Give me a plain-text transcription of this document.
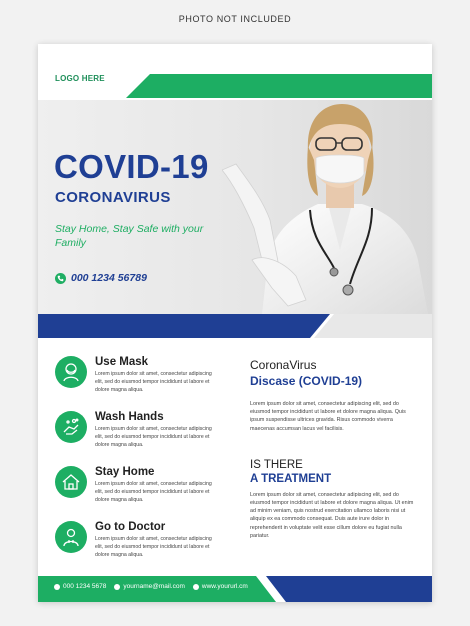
PHOTO NOT INCLUDED
LOGO HERE
COVID-19
CORONAVIRUS
Stay Home, Stay Safe with your Family
000 1234 56789
Use Mask
Lorem ipsum dolor sit amet, consectetur adipiscing elit, sed do eiusmod tempor incididunt ut labore et dolore magna aliqua.
Wash Hands
Lorem ipsum dolor sit amet, consectetur adipiscing elit, sed do eiusmod tempor incididunt ut labore et dolore magna aliqua.
Stay Home
Lorem ipsum dolor sit amet, consectetur adipiscing elit, sed do eiusmod tempor incididunt ut labore et dolore magna aliqua.
Go to Doctor
Lorem ipsum dolor sit amet, consectetur adipiscing elit, sed do eiusmod tempor incididunt ut labore et dolore magna aliqua.
CoronaVirus
Discase (COVID-19)
Lorem ipsum dolor sit amet, consectetur adipiscing elit, sed do eiusmod tempor incididunt ut labore et dolore magna aliqua. Quis ipsum suspendisse ultrices gravida. Risus commodo viverra maecenas accumsan lacus vel facilisis.
IS THERE
A TREATMENT
Lorem ipsum dolor sit amet, consectetur adipiscing elit, sed do eiusmod tempor incididunt ut labore et dolore magna aliqua. Ut enim ad minim veniam, quis nostrud exercitation ullamco laboris nisi ut aliquip ex ea commodo consequat. Duis aute irure dolor in reprehenderit in voluptate velit esse cillum dolore eu fugiat nulla pariatur.
000 1234 5678	yourname@mail.com	www.yoururl.cm
